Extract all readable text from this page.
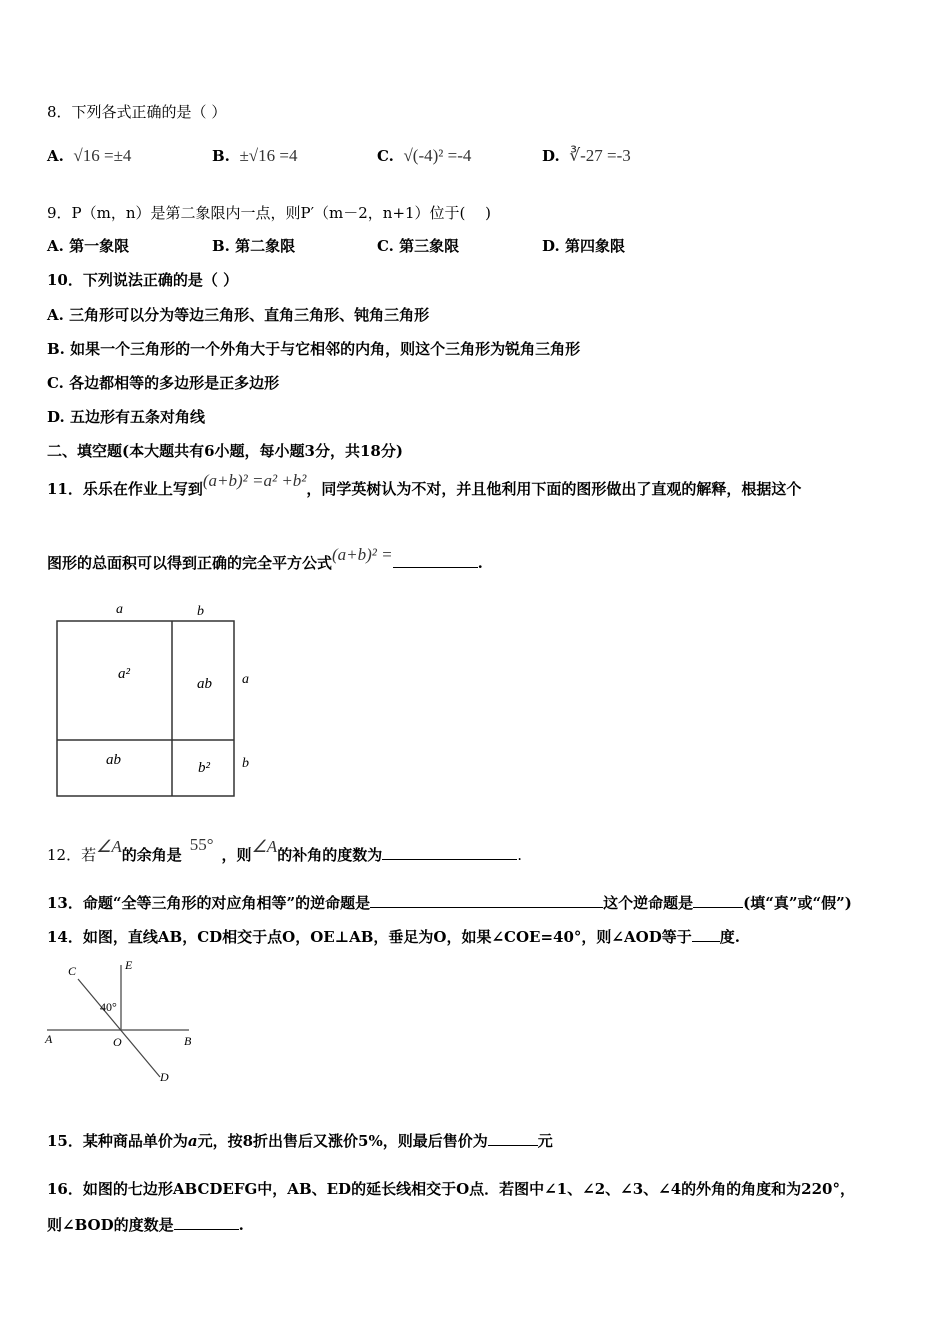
8．下列各式正确的是（ ）
A. √16 =±4	B. ±√16 =4	C. √(-4)² =-4	D. ∛-27 =-3
9．P（m，n）是第二象限内一点，则P′（m－2，n+1）位于(　 )
A. 第一象限	B. 第二象限	C. 第三象限	D. 第四象限
10．下列说法正确的是（ ）
A. 三角形可以分为等边三角形、直角三角形、钝角三角形
B. 如果一个三角形的一个外角大于与它相邻的内角，则这个三角形为锐角三角形
C. 各边都相等的多边形是正多边形
D. 五边形有五条对角线
二、填空题(本大题共有6小题，每小题3分，共18分)
11．乐乐在作业上写到(a+b)² =a² +b²，同学英树认为不对，并且他利用下面的图形做出了直观的解释，根据这个
图形的总面积可以得到正确的完全平方公式(a+b)² =	.
a	b
a
b
a²
ab
ab	b²
12．若∠A的余角是55°，则∠A的补角的度数为	.
13．命题“全等三角形的对应角相等”的逆命题是	这个逆命题是	(填“真”或“假”)
14．如图，直线AB，CD相交于点O，OE⊥AB，垂足为O，如果∠COE=40°，则∠AOD等于 度.
C	E
40°
A	O	B
D
15．某种商品单价为a元，按8折出售后又涨价5%，则最后售价为	元
16．如图的七边形ABCDEFG中，AB、ED的延长线相交于O点．若图中∠1、∠2、∠3、∠4的外角的角度和为220°，
则∠BOD的度数是	.
